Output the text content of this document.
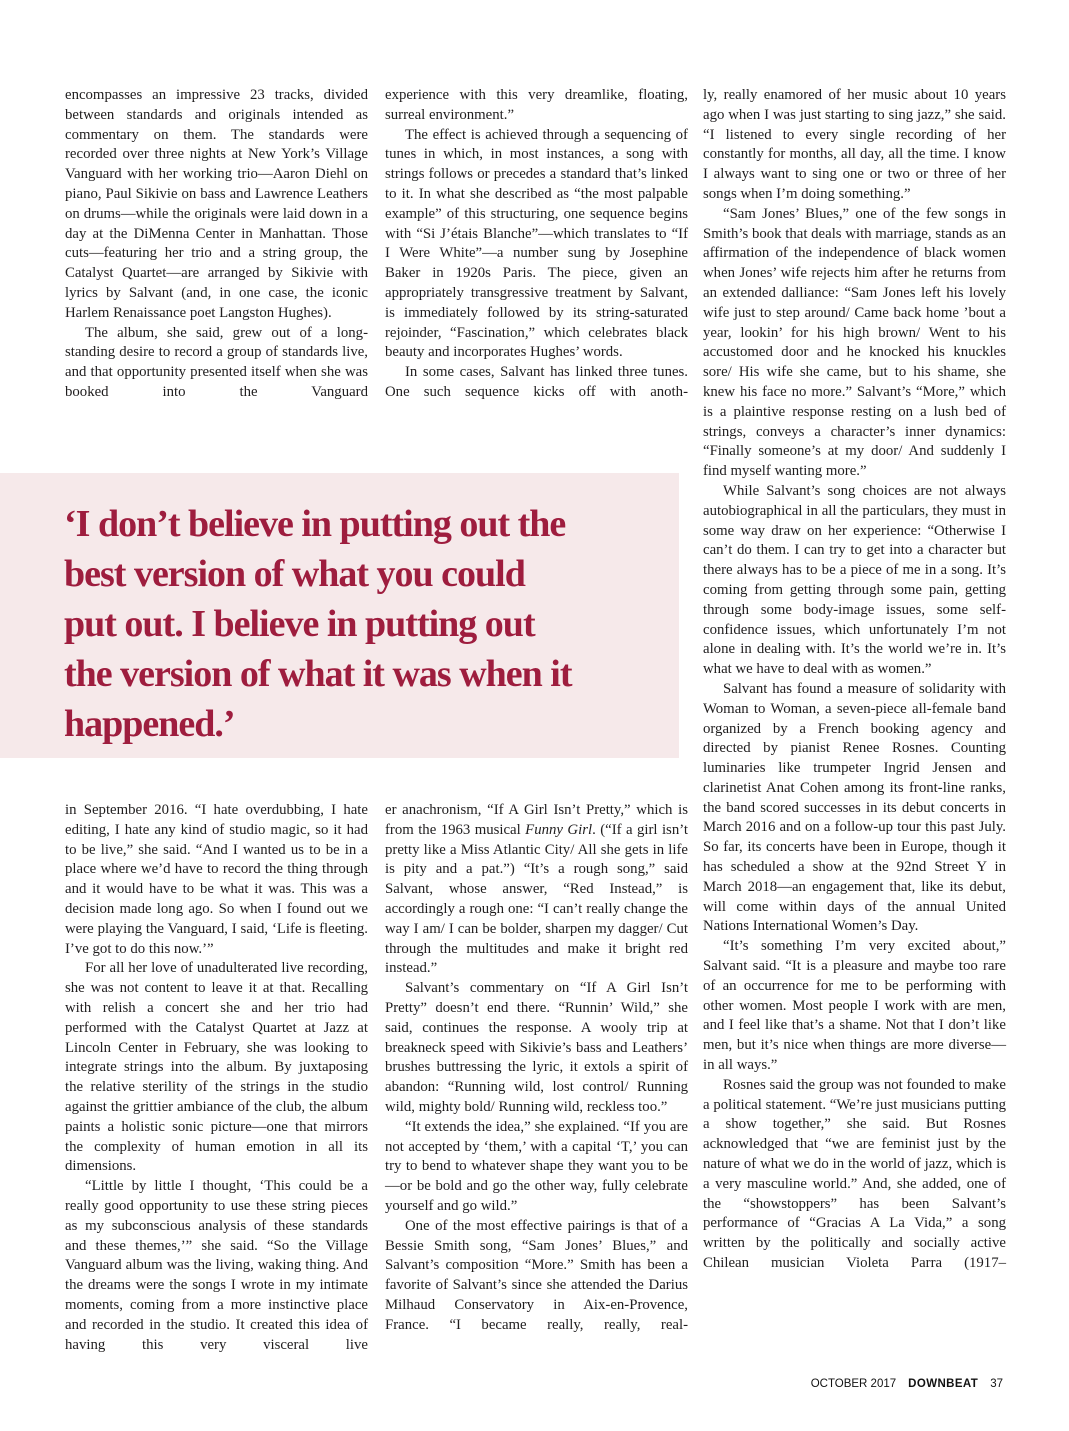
encompasses an impressive 23 tracks, divided between standards and originals intended as commentary on them. The standards were recorded over three nights at New York’s Village Vanguard with her working trio—Aaron Diehl on piano, Paul Sikivie on bass and Lawrence Leathers on drums—while the originals were laid down in a day at the DiMenna Center in Manhattan. Those cuts—featuring her trio and a string group, the Catalyst Quartet—are arranged by Sikivie with lyrics by Salvant (and, in one case, the iconic Harlem Renaissance poet Langston Hughes).

The album, she said, grew out of a long-standing desire to record a group of standards live, and that opportunity presented itself when she was booked into the Vanguard

experience with this very dreamlike, floating, surreal environment.”

The effect is achieved through a sequencing of tunes in which, in most instances, a song with strings follows or precedes a standard that’s linked to it. In what she described as “the most palpable example” of this structuring, one sequence begins with “Si J’étais Blanche”—which translates to “If I Were White”—a number sung by Josephine Baker in 1920s Paris. The piece, given an appropriately transgressive treatment by Salvant, is immediately followed by its string-saturated rejoinder, “Fascination,” which celebrates black beauty and incorporates Hughes’ words.

In some cases, Salvant has linked three tunes. One such sequence kicks off with anoth-

ly, really enamored of her music about 10 years ago when I was just starting to sing jazz,” she said. “I listened to every single recording of her constantly for months, all day, all the time. I know I always want to sing one or two or three of her songs when I’m doing something.”

“Sam Jones’ Blues,” one of the few songs in Smith’s book that deals with marriage, stands as an affirmation of the independence of black women when Jones’ wife rejects him after he returns from an extended dalliance: “Sam Jones left his lovely wife just to step around/ Came back home ’bout a year, lookin’ for his high brown/ Went to his accustomed door and he knocked his knuckles sore/ His wife she came, but to his shame, she knew his face no more.” Salvant’s “More,” which is a plaintive response resting on a lush bed of strings, conveys a character’s inner dynamics: “Finally someone’s at my door/ And suddenly I find myself wanting more.”

While Salvant’s song choices are not always autobiographical in all the particulars, they must in some way draw on her experience: “Otherwise I can’t do them. I can try to get into a character but there always has to be a piece of me in a song. It’s coming from getting through some pain, getting through some body-image issues, some self-confidence issues, which unfortunately I’m not alone in dealing with. It’s the world we’re in. It’s what we have to deal with as women.”

Salvant has found a measure of solidarity with Woman to Woman, a seven-piece all-female band organized by a French booking agency and directed by pianist Renee Rosnes. Counting luminaries like trumpeter Ingrid Jensen and clarinetist Anat Cohen among its front-line ranks, the band scored successes in its debut concerts in March 2016 and on a follow-up tour this past July. So far, its concerts have been in Europe, though it has scheduled a show at the 92nd Street Y in March 2018—an engagement that, like its debut, will come within days of the annual United Nations International Women’s Day.

“It’s something I’m very excited about,” Salvant said. “It is a pleasure and maybe too rare of an occurrence for me to be performing with other women. Most people I work with are men, and I feel like that’s a shame. Not that I don’t like men, but it’s nice when things are more diverse—in all ways.”

Rosnes said the group was not founded to make a political statement. “We’re just musicians putting a show together,” she said. But Rosnes acknowledged that “we are feminist just by the nature of what we do in the world of jazz, which is a very masculine world.” And, she added, one of the “showstoppers” has been Salvant’s performance of “Gracias A La Vida,” a song written by the politically and socially active Chilean musician Violeta Parra (1917–

‘I don’t believe in putting out the
best version of what you could
put out. I believe in putting out
the version of what it was when it
happened.’

in September 2016. “I hate overdubbing, I hate editing, I hate any kind of studio magic, so it had to be live,” she said. “And I wanted us to be in a place where we’d have to record the thing through and it would have to be what it was. This was a decision made long ago. So when I found out we were playing the Vanguard, I said, ‘Life is fleeting. I’ve got to do this now.’”

For all her love of unadulterated live recording, she was not content to leave it at that. Recalling with relish a concert she and her trio had performed with the Catalyst Quartet at Jazz at Lincoln Center in February, she was looking to integrate strings into the album. By juxtaposing the relative sterility of the strings in the studio against the grittier ambiance of the club, the album paints a holistic sonic picture—one that mirrors the complexity of human emotion in all its dimensions.

“Little by little I thought, ‘This could be a really good opportunity to use these string pieces as my subconscious analysis of these standards and these themes,’” she said. “So the Village Vanguard album was the living, waking thing. And the dreams were the songs I wrote in my intimate moments, coming from a more instinctive place and recorded in the studio. It created this idea of having this very visceral live

er anachronism, “If A Girl Isn’t Pretty,” which is from the 1963 musical Funny Girl. (“If a girl isn’t pretty like a Miss Atlantic City/ All she gets in life is pity and a pat.”) “It’s a rough song,” said Salvant, whose answer, “Red Instead,” is accordingly a rough one: “I can’t really change the way I am/ I can be bolder, sharpen my dagger/ Cut through the multitudes and make it bright red instead.”

Salvant’s commentary on “If A Girl Isn’t Pretty” doesn’t end there. “Runnin’ Wild,” she said, continues the response. A wooly trip at breakneck speed with Sikivie’s bass and Leathers’ brushes buttressing the lyric, it extols a spirit of abandon: “Running wild, lost control/ Running wild, mighty bold/ Running wild, reckless too.”

“It extends the idea,” she explained. “If you are not accepted by ‘them,’ with a capital ‘T,’ you can try to bend to whatever shape they want you to be—or be bold and go the other way, fully celebrate yourself and go wild.”

One of the most effective pairings is that of a Bessie Smith song, “Sam Jones’ Blues,” and Salvant’s composition “More.” Smith has been a favorite of Salvant’s since she attended the Darius Milhaud Conservatory in Aix-en-Provence, France. “I became really, really, real-

OCTOBER 2017 DOWNBEAT 37
